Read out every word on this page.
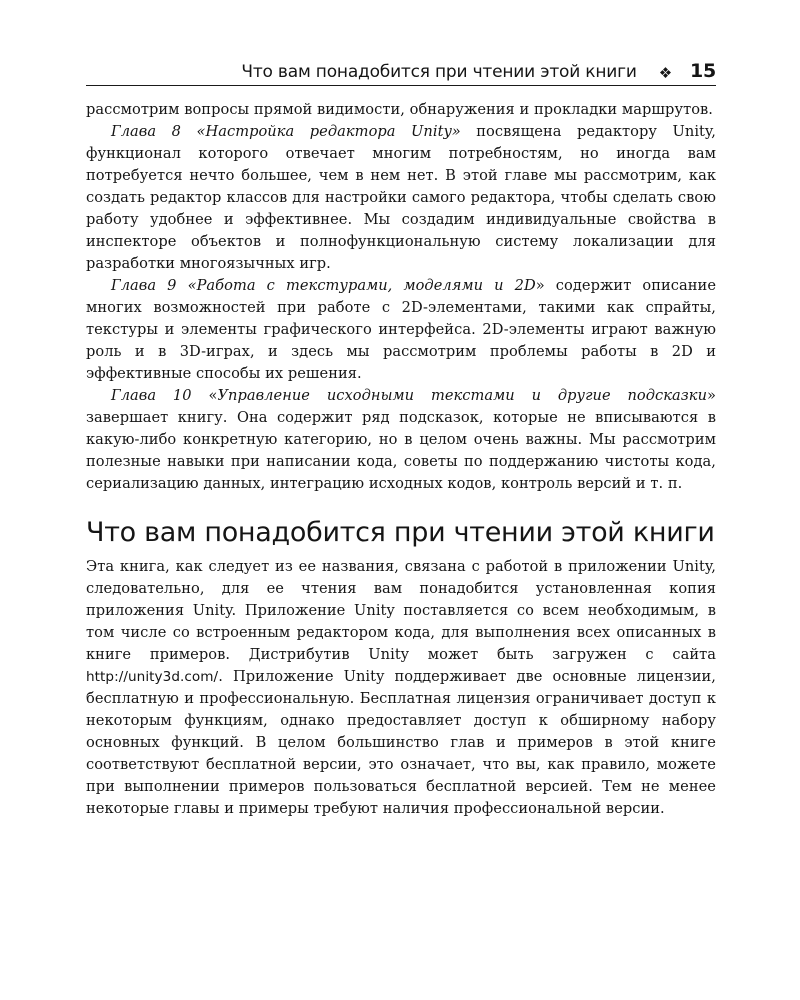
Что вам понадобится при чтении этой книги ❖ 15

рассмотрим вопросы прямой видимости, обнаружения и прокладки маршрутов.

Глава 8 «Настройка редактора Unity» посвящена редактору Unity, функционал которого отвечает многим потребностям, но иногда вам потребуется нечто большее, чем в нем нет. В этой главе мы рассмотрим, как создать редактор классов для настройки самого редактора, чтобы сделать свою работу удобнее и эффективнее. Мы создадим индивидуальные свойства в инспекторе объектов и полнофункциональную систему локализации для разработки многоязычных игр.

Глава 9 «Работа с текстурами, моделями и 2D» содержит описание многих возможностей при работе с 2D-элементами, такими как спрайты, текстуры и элементы графического интерфейса. 2D-элементы играют важную роль и в 3D-играх, и здесь мы рассмотрим проблемы работы в 2D и эффективные способы их решения.

Глава 10 «Управление исходными текстами и другие подсказки» завершает книгу. Она содержит ряд подсказок, которые не вписываются в какую-либо конкретную категорию, но в целом очень важны. Мы рассмотрим полезные навыки при написании кода, советы по поддержанию чистоты кода, сериализацию данных, интеграцию исходных кодов, контроль версий и т. п.

Что вам понадобится при чтении этой книги

Эта книга, как следует из ее названия, связана с работой в приложении Unity, следовательно, для ее чтения вам понадобится установленная копия приложения Unity. Приложение Unity поставляется со всем необходимым, в том числе со встроенным редактором кода, для выполнения всех описанных в книге примеров. Дистрибутив Unity может быть загружен с сайта http://unity3d.com/. Приложение Unity поддерживает две основные лицензии, бесплатную и профессиональную. Бесплатная лицензия ограничивает доступ к некоторым функциям, однако предоставляет доступ к обширному набору основных функций. В целом большинство глав и примеров в этой книге соответствуют бесплатной версии, это означает, что вы, как правило, можете при выполнении примеров пользоваться бесплатной версией. Тем не менее некоторые главы и примеры требуют наличия профессиональной версии.
